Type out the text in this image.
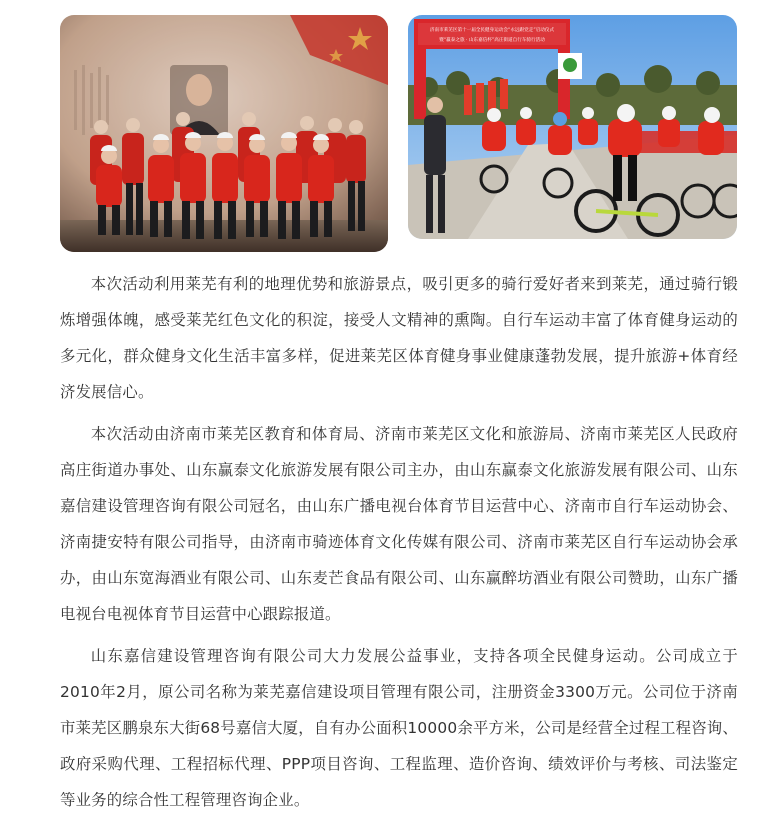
济南市莱芜区第十一届全民健身运动会“永远跟党走”启动仪式
暨“赢泰之旅 · 山东嘉信杯”高庄街道自行车骑行活动

本次活动利用莱芜有利的地理优势和旅游景点，吸引更多的骑行爱好者来到莱芜，通过骑行锻炼增强体魄，感受莱芜红色文化的积淀，接受人文精神的熏陶。自行车运动丰富了体育健身运动的多元化，群众健身文化生活丰富多样，促进莱芜区体育健身事业健康蓬勃发展，提升旅游+体育经济发展信心。

本次活动由济南市莱芜区教育和体育局、济南市莱芜区文化和旅游局、济南市莱芜区人民政府高庄街道办事处、山东赢泰文化旅游发展有限公司主办，由山东赢泰文化旅游发展有限公司、山东嘉信建设管理咨询有限公司冠名，由山东广播电视台体育节目运营中心、济南市自行车运动协会、济南捷安特有限公司指导，由济南市骑迹体育文化传媒有限公司、济南市莱芜区自行车运动协会承办，由山东宽海酒业有限公司、山东麦芒食品有限公司、山东赢醉坊酒业有限公司赞助，山东广播电视台电视体育节目运营中心跟踪报道。

山东嘉信建设管理咨询有限公司大力发展公益事业，支持各项全民健身运动。公司成立于2010年2月，原公司名称为莱芜嘉信建设项目管理有限公司，注册资金3300万元。公司位于济南市莱芜区鹏泉东大街68号嘉信大厦，自有办公面积10000余平方米，公司是经营全过程工程咨询、政府采购代理、工程招标代理、PPP项目咨询、工程监理、造价咨询、绩效评价与考核、司法鉴定等业务的综合性工程管理咨询企业。
